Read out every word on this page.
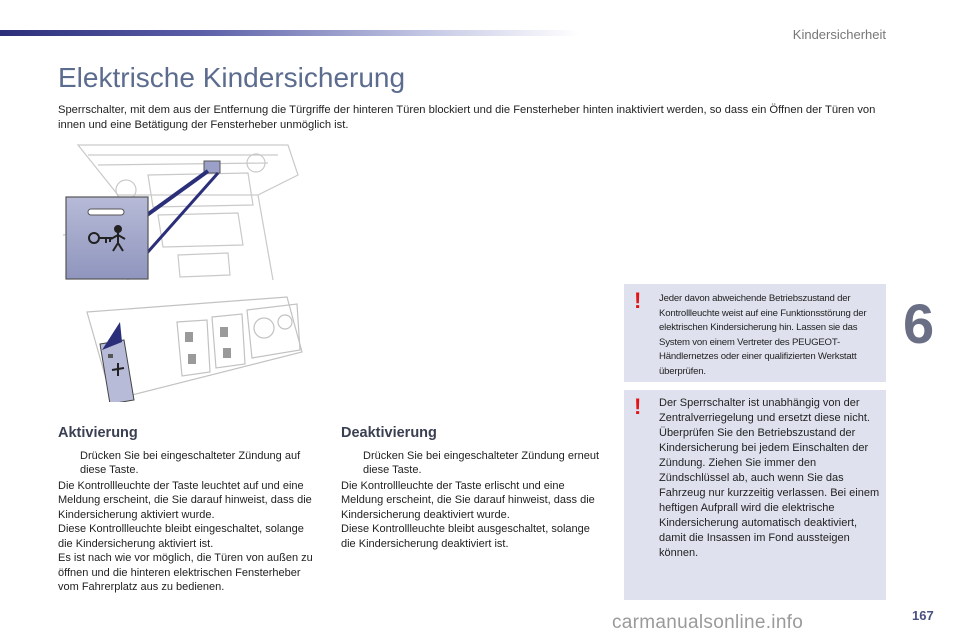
Kindersicherheit
Elektrische Kindersicherung

Sperrschalter, mit dem aus der Entfernung die Türgriffe der hinteren Türen blockiert und die Fensterheber hinten inaktiviert werden, so dass ein Öffnen der Türen von innen und eine Betätigung der Fensterheber unmöglich ist.

Aktivierung
Drücken Sie bei eingeschalteter Zündung auf diese Taste.

Die Kontrollleuchte der Taste leuchtet auf und eine Meldung erscheint, die Sie darauf hinweist, dass die Kindersicherung aktiviert wurde.

Diese Kontrollleuchte bleibt eingeschaltet, solange die Kindersicherung aktiviert ist.

Es ist nach wie vor möglich, die Türen von außen zu öffnen und die hinteren elektrischen Fensterheber vom Fahrerplatz aus zu bedienen.

Deaktivierung
Drücken Sie bei eingeschalteter Zündung erneut diese Taste.

Die Kontrollleuchte der Taste erlischt und eine Meldung erscheint, die Sie darauf hinweist, dass die Kindersicherung deaktiviert wurde.

Diese Kontrollleuchte bleibt ausgeschaltet, solange die Kindersicherung deaktiviert ist.

! Jeder davon abweichende Betriebszustand der Kontrollleuchte weist auf eine Funktionsstörung der elektrischen Kindersicherung hin. Lassen sie das System von einem Vertreter des PEUGEOT-Händlernetzes oder einer qualifizierten Werkstatt überprüfen.
! Der Sperrschalter ist unabhängig von der Zentralverriegelung und ersetzt diese nicht. Überprüfen Sie den Betriebszustand der Kindersicherung bei jedem Einschalten der Zündung. Ziehen Sie immer den Zündschlüssel ab, auch wenn Sie das Fahrzeug nur kurzzeitig verlassen. Bei einem heftigen Aufprall wird die elektrische Kindersicherung automatisch deaktiviert, damit die Insassen im Fond aussteigen können.
6
carmanualsonline.info	167
